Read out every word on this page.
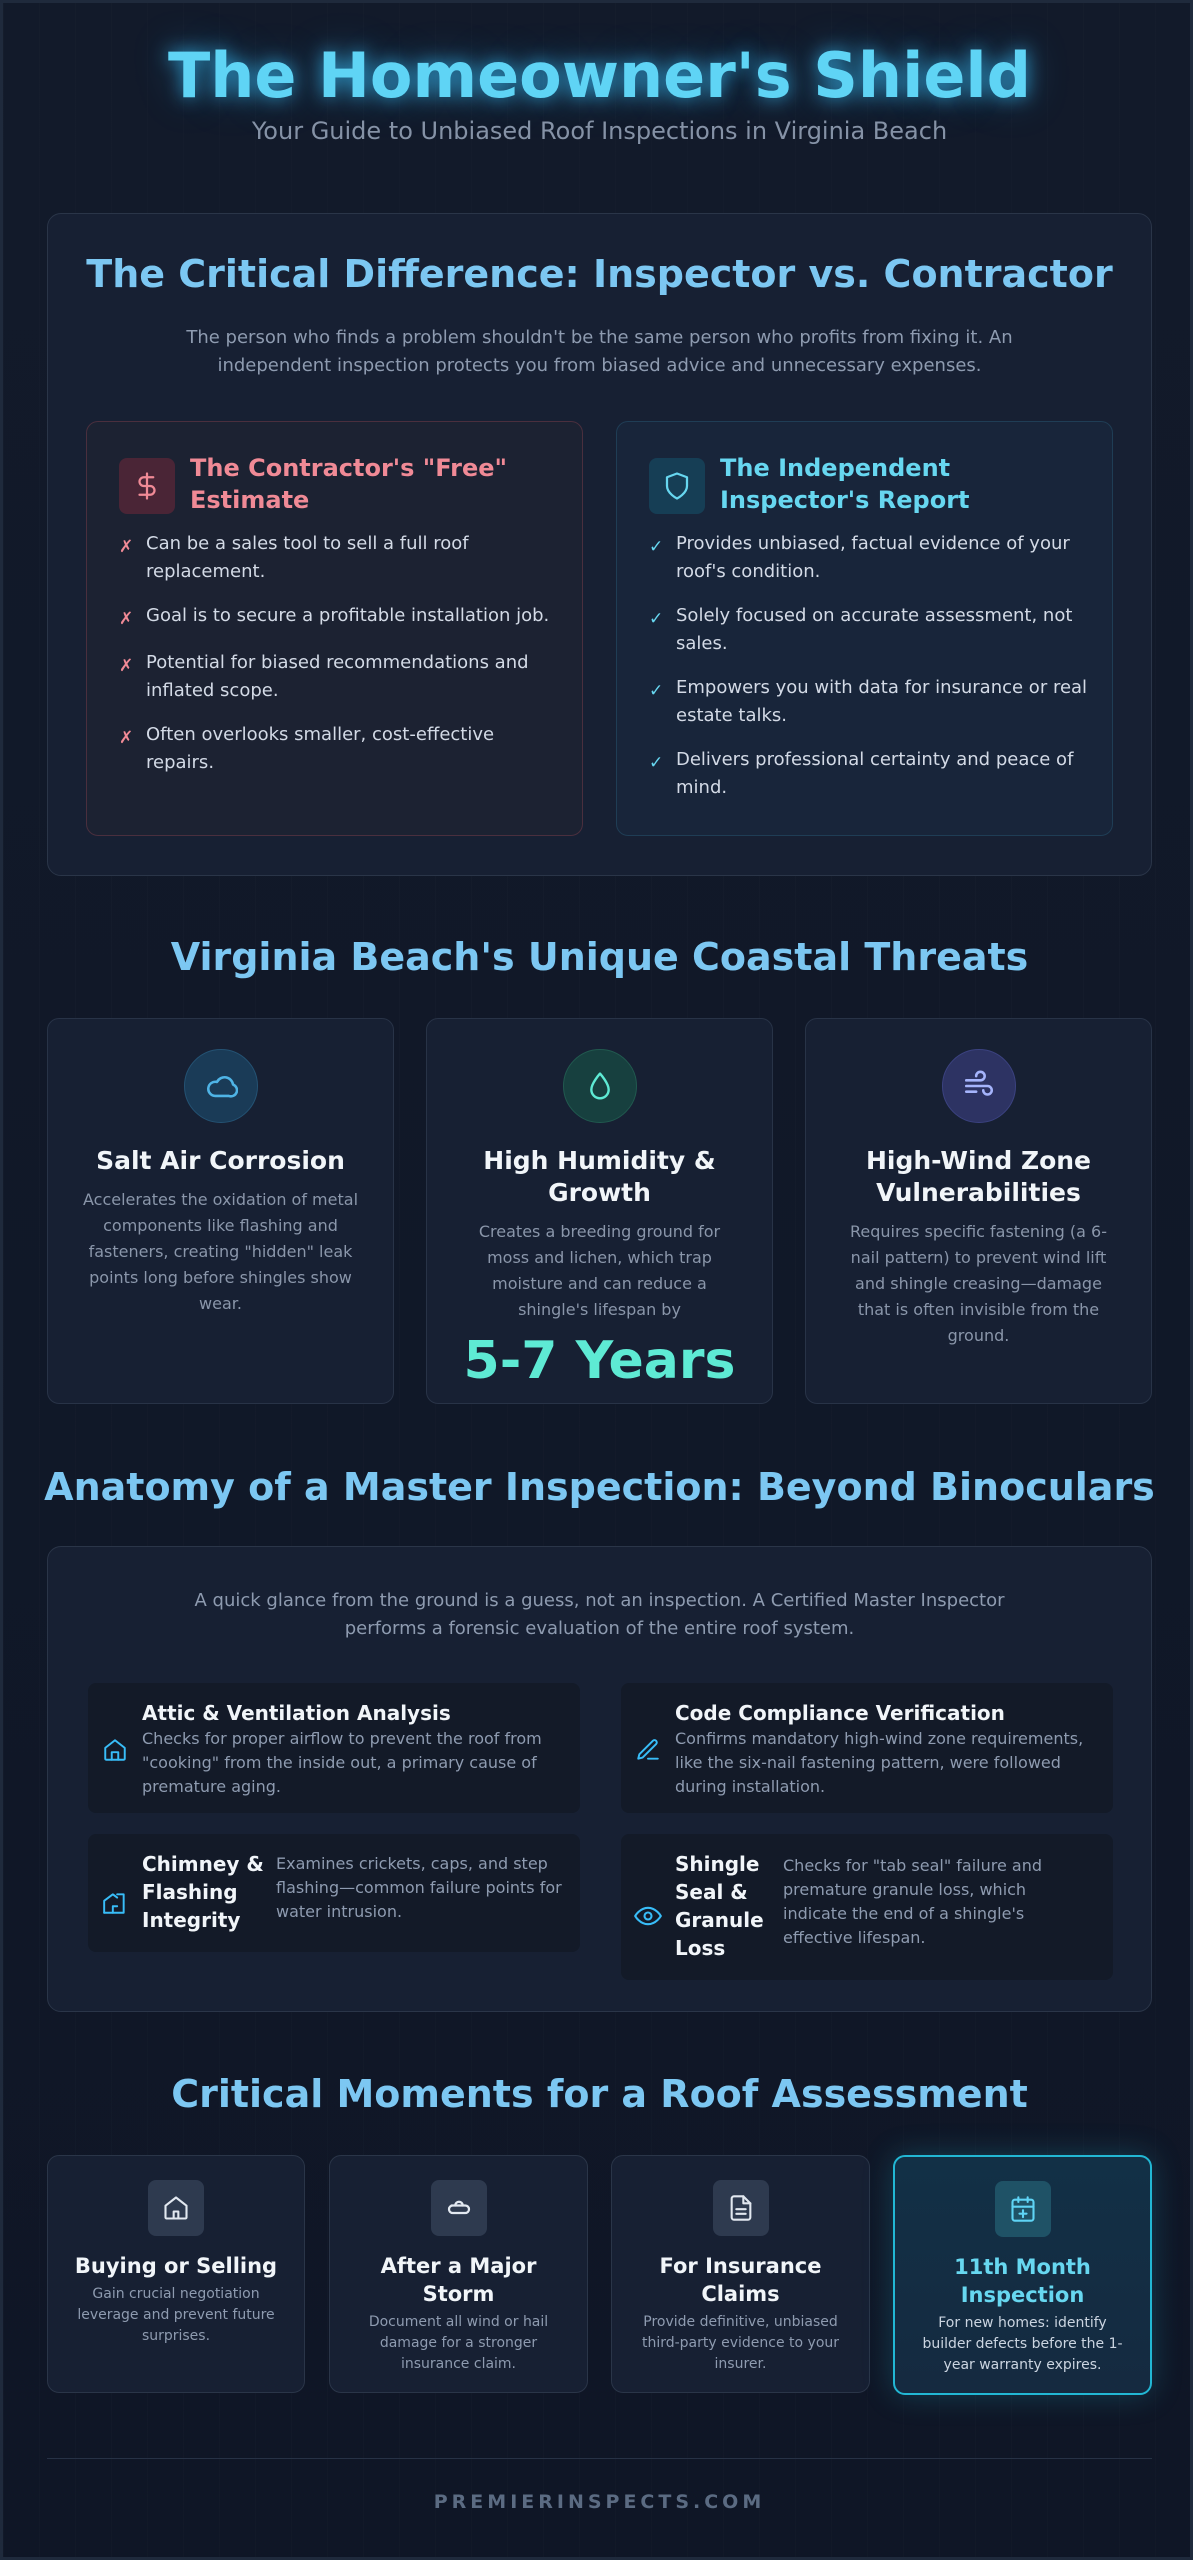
The Homeowner's Shield
Your Guide to Unbiased Roof Inspections in Virginia Beach
The Critical Difference: Inspector vs. Contractor
The person who finds a problem shouldn't be the same person who profits from fixing it. An independent inspection protects you from biased advice and unnecessary expenses.
The Contractor's "Free" Estimate
✗ Can be a sales tool to sell a full roof replacement.
✗ Goal is to secure a profitable installation job.
✗ Potential for biased recommendations and inflated scope.
✗ Often overlooks smaller, cost-effective repairs.
The Independent Inspector's Report
✓ Provides unbiased, factual evidence of your roof's condition.
✓ Solely focused on accurate assessment, not sales.
✓ Empowers you with data for insurance or real estate talks.
✓ Delivers professional certainty and peace of mind.
Virginia Beach's Unique Coastal Threats
Salt Air Corrosion
Accelerates the oxidation of metal components like flashing and fasteners, creating "hidden" leak points long before shingles show wear.
High Humidity & Growth
Creates a breeding ground for moss and lichen, which trap moisture and can reduce a shingle's lifespan by
5-7 Years
High-Wind Zone Vulnerabilities
Requires specific fastening (a 6-nail pattern) to prevent wind lift and shingle creasing—damage that is often invisible from the ground.
Anatomy of a Master Inspection: Beyond Binoculars
A quick glance from the ground is a guess, not an inspection. A Certified Master Inspector performs a forensic evaluation of the entire roof system.
Attic & Ventilation Analysis
Checks for proper airflow to prevent the roof from "cooking" from the inside out, a primary cause of premature aging.
Code Compliance Verification
Confirms mandatory high-wind zone requirements, like the six-nail fastening pattern, were followed during installation.
Chimney & Flashing Integrity
Examines crickets, caps, and step flashing—common failure points for water intrusion.
Shingle Seal & Granule Loss
Checks for "tab seal" failure and premature granule loss, which indicate the end of a shingle's effective lifespan.
Critical Moments for a Roof Assessment
Buying or Selling
Gain crucial negotiation leverage and prevent future surprises.
After a Major Storm
Document all wind or hail damage for a stronger insurance claim.
For Insurance Claims
Provide definitive, unbiased third-party evidence to your insurer.
11th Month Inspection
For new homes: identify builder defects before the 1-year warranty expires.
PREMIERINSPECTS.COM
